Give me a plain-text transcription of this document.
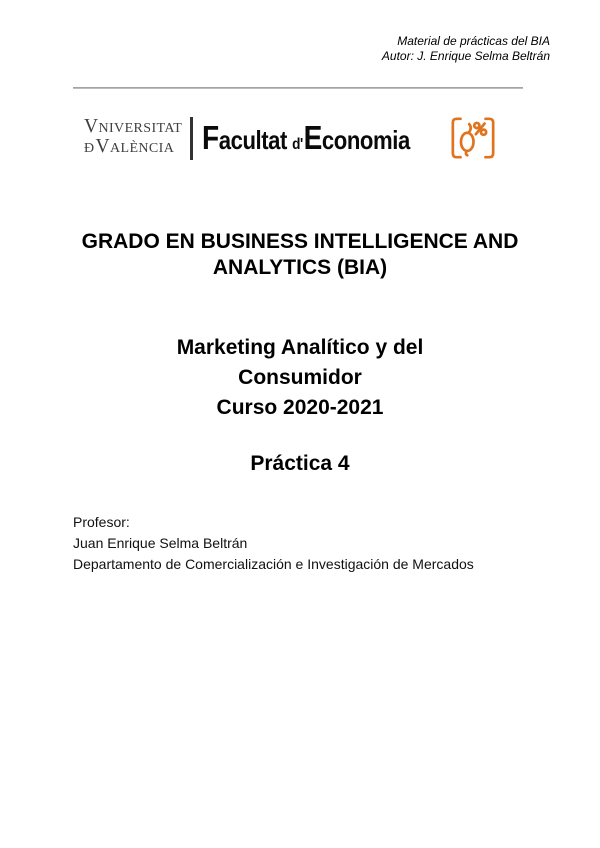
Material de prácticas del BIA
Autor: J. Enrique Selma Beltrán
Vniversitat
ÐValència Facultat d'Economia
GRADO EN BUSINESS INTELLIGENCE AND
ANALYTICS (BIA)
Marketing Analítico y del
Consumidor
Curso 2020-2021
Práctica 4
Profesor:
Juan Enrique Selma Beltrán
Departamento de Comercialización e Investigación de Mercados
